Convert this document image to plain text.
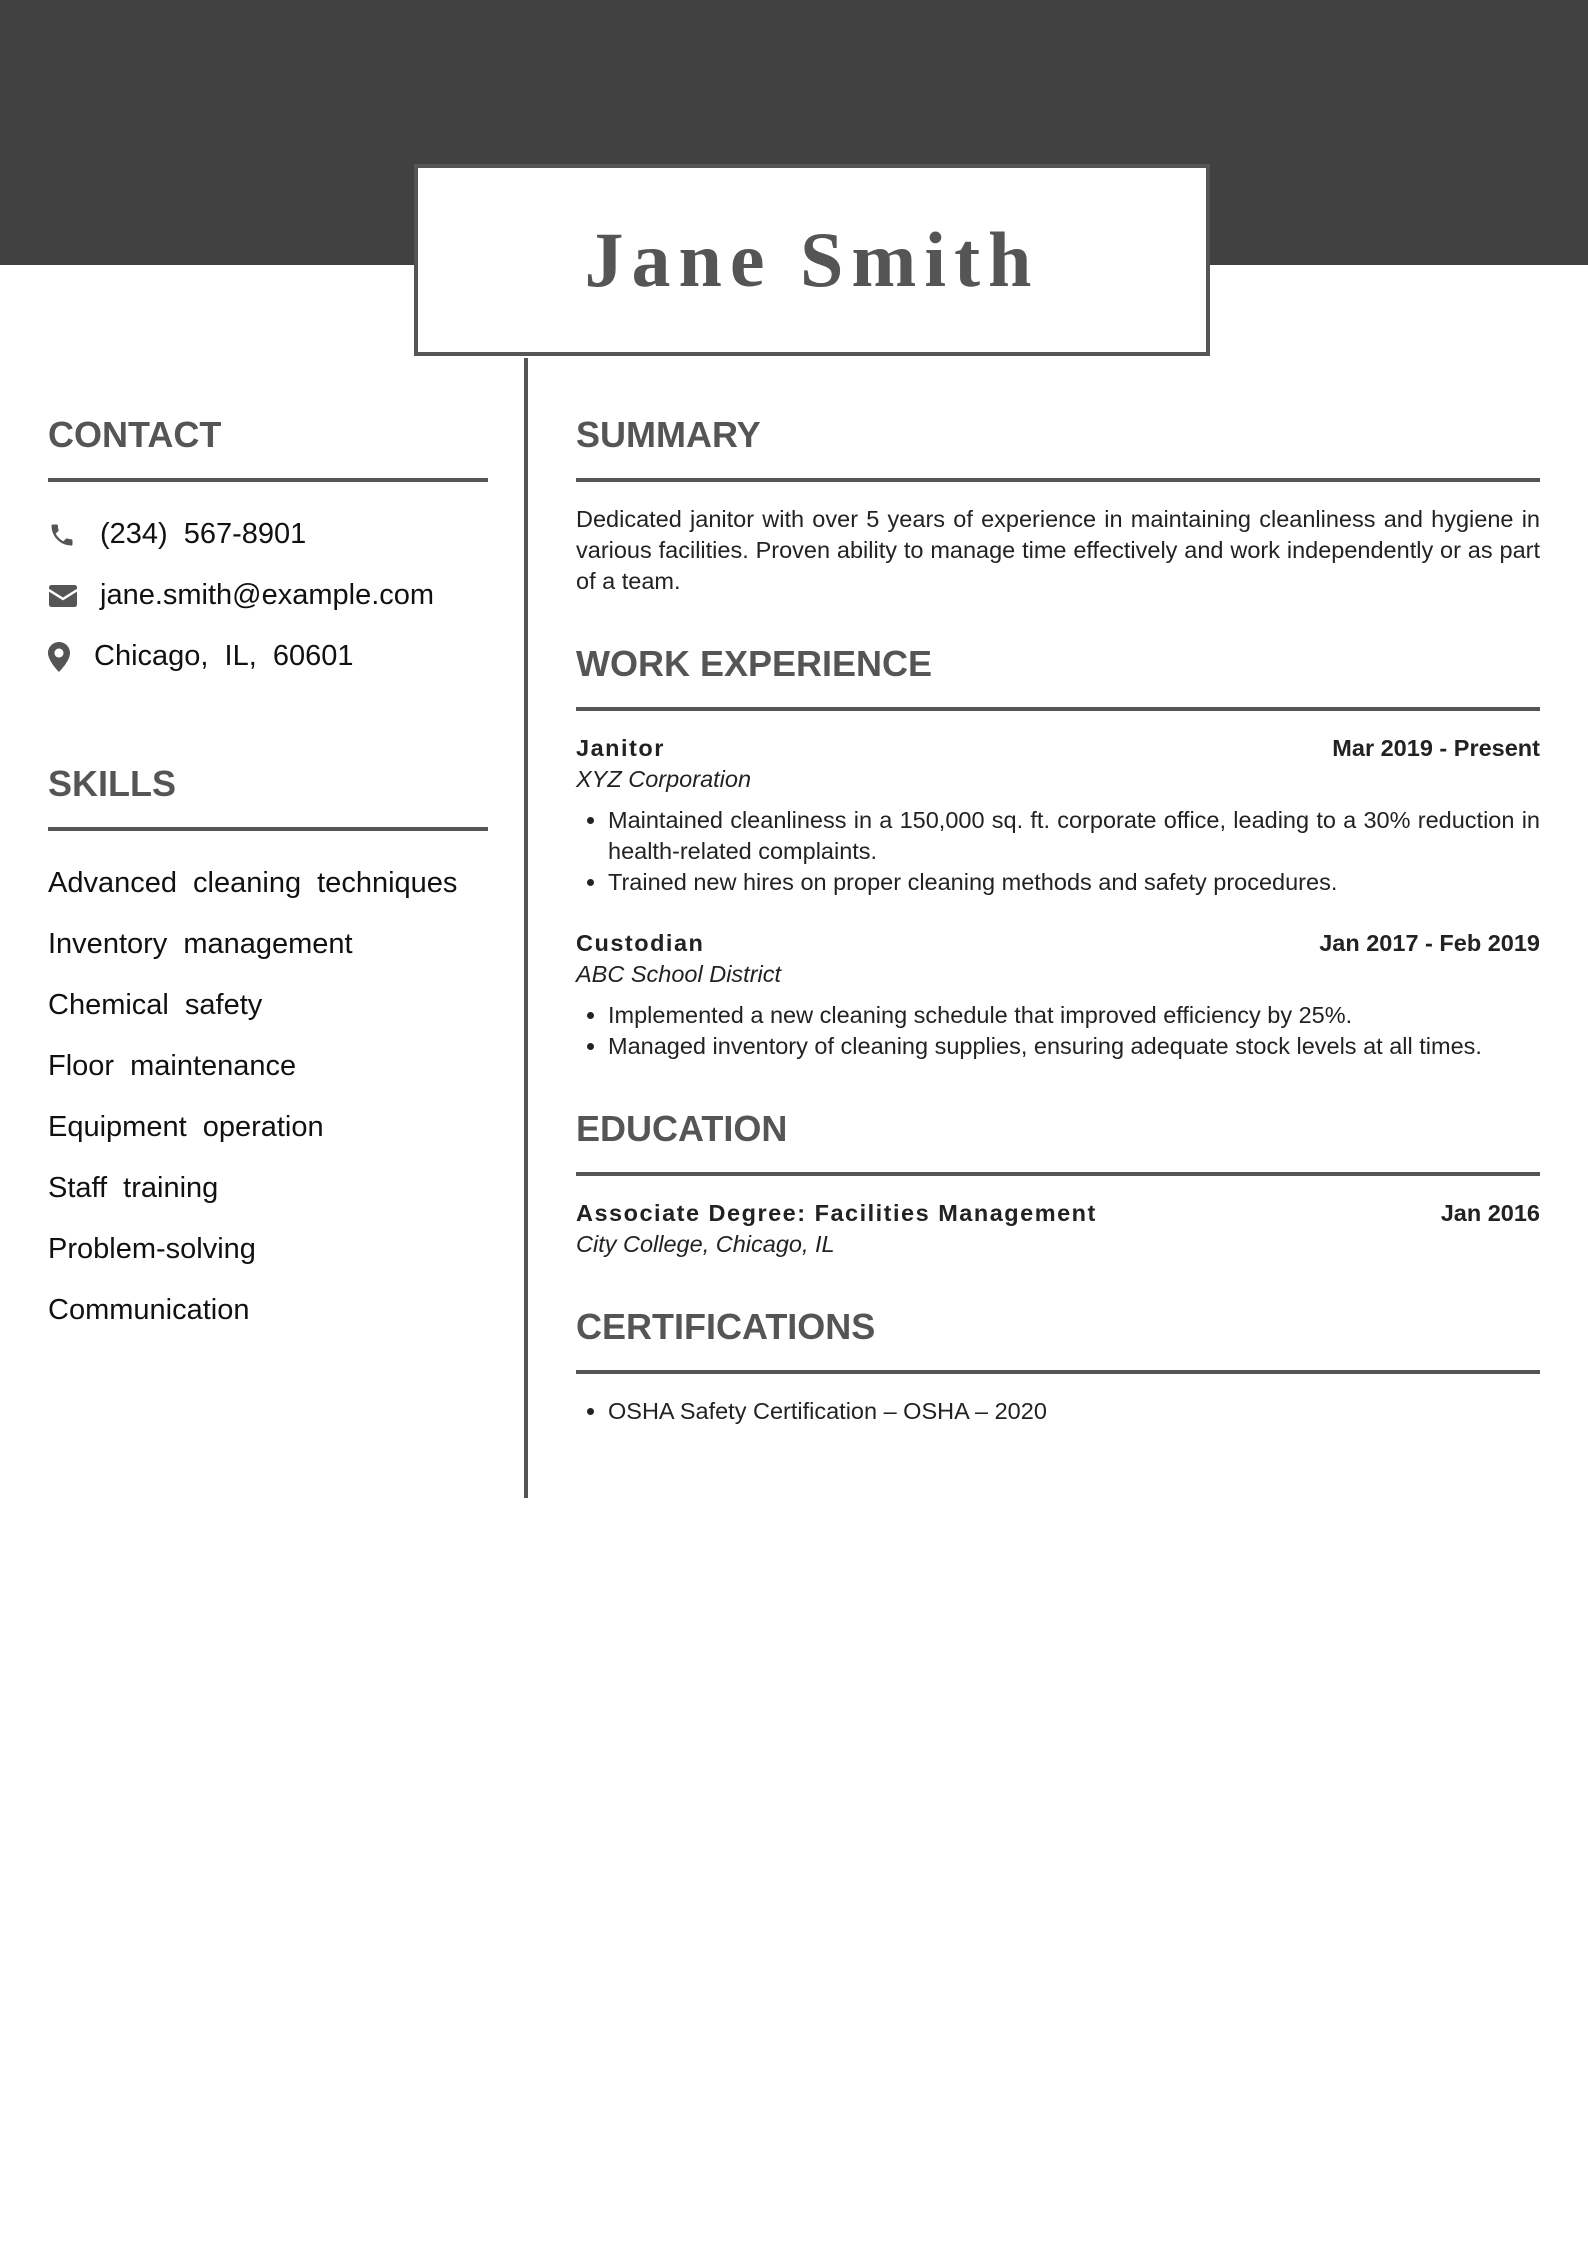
Jane Smith
CONTACT
(234) 567-8901
jane.smith@example.com
Chicago, IL, 60601
SKILLS
Advanced cleaning techniques
Inventory management
Chemical safety
Floor maintenance
Equipment operation
Staff training
Problem-solving
Communication
SUMMARY
Dedicated janitor with over 5 years of experience in maintaining cleanliness and hygiene in various facilities. Proven ability to manage time effectively and work independently or as part of a team.
WORK EXPERIENCE
Janitor	Mar 2019 - Present
XYZ Corporation
• Maintained cleanliness in a 150,000 sq. ft. corporate office, leading to a 30% reduction in health-related complaints.
• Trained new hires on proper cleaning methods and safety procedures.
Custodian	Jan 2017 - Feb 2019
ABC School District
• Implemented a new cleaning schedule that improved efficiency by 25%.
• Managed inventory of cleaning supplies, ensuring adequate stock levels at all times.
EDUCATION
Associate Degree: Facilities Management	Jan 2016
City College, Chicago, IL
CERTIFICATIONS
• OSHA Safety Certification – OSHA – 2020
